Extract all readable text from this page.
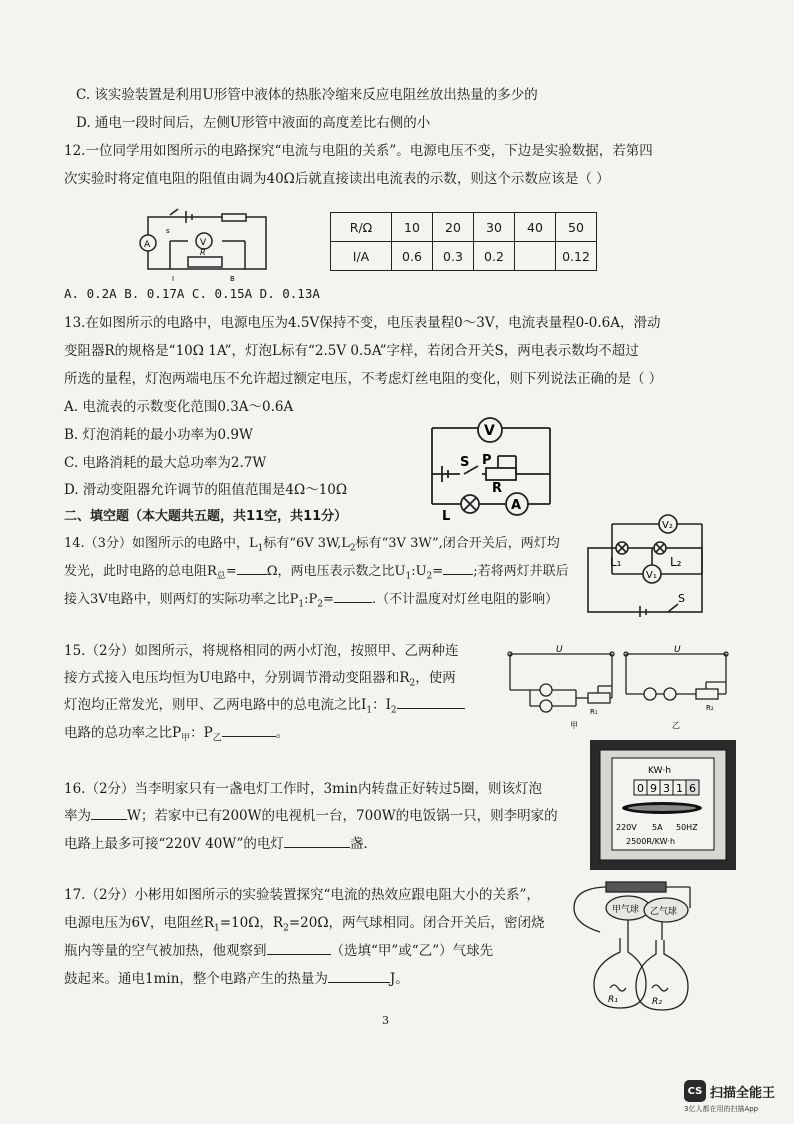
C. 该实验装置是利用U形管中液体的热胀冷缩来反应电阻丝放出热量的多少的
D. 通电一段时间后，左侧U形管中液面的高度差比右侧的小
12.一位同学用如图所示的电路探究“电流与电阻的关系”。电源电压不变，下边是实验数据，若第四
次实验时将定值电阻的阻值由调为40Ω后就直接读出电流表的示数，则这个示数应该是（ ）
A	V
R
s
I	B
R/Ω	10	20	30	40	50
I/A	0.6	0.3	0.2		0.12
A. 0.2A B. 0.17A C. 0.15A D. 0.13A
13.在如图所示的电路中，电源电压为4.5V保持不变，电压表量程0～3V，电流表量程0-0.6A，滑动
变阻器R的规格是“10Ω 1A”，灯泡L标有“2.5V 0.5A”字样，若闭合开关S，两电表示数均不超过
所选的量程，灯泡两端电压不允许超过额定电压，不考虑灯丝电阻的变化，则下列说法正确的是（ ）
A. 电流表的示数变化范围0.3A～0.6A
B. 灯泡消耗的最小功率为0.9W
C. 电路消耗的最大总功率为2.7W
D. 滑动变阻器允许调节的阻值范围是4Ω～10Ω
V
S P
R
L
A
二、填空题（本大题共五题，共11空，共11分）
14.（3分）如图所示的电路中，$L_1$标有“6V $3W,L_2$标有“3V 3W”,闭合开关后，两灯均
发光，此时电路的总电阻$R_总= \Omega$，两电压表示数之比$U_1:U_2=$ ;若将两灯并联后
接入3V电路中，则两灯的实际功率之比$P_1:P_2=$	.（不计温度对灯丝电阻的影响）
V₂
V₁
L₁	L₂
S
15.（2分）如图所示，将规格相同的两小灯泡，按照甲、乙两种连
接方式接入电压均恒为U电路中，分别调节滑动变阻器和$R_2$，使两
灯泡均正常发光，则甲、乙两电路中的总电流之比$I_1$：$I_2$
电路的总功率之比$P_甲$：$P_乙$	。
U	U
R₁	R₂
甲	乙
16.（2分）当李明家只有一盏电灯工作时，3min内转盘正好转过5圈，则该灯泡
率为	W；若家中已有200W的电视机一台，700W的电饭锅一只，则李明家的
电路上最多可接“220V 40W”的电灯	盏.
KW·h
0 9 3 1 6
220V 5A 50HZ
2500R/KW·h
17.（2分）小彬用如图所示的实验装置探究“电流的热效应跟电阻大小的关系”，
电源电压为6V，电阻丝$R_1=10\Omega$，$R_2=20\Omega$，两气球相同。闭合开关后，密闭烧
瓶内等量的空气被加热，他观察到	（选填“甲”或“乙”）气球先
鼓起来。通电1min，整个电路产生的热量为	J。
甲气球 乙气球
R₁	R₂
3
CS 扫描全能王
3亿人都在用的扫描App
